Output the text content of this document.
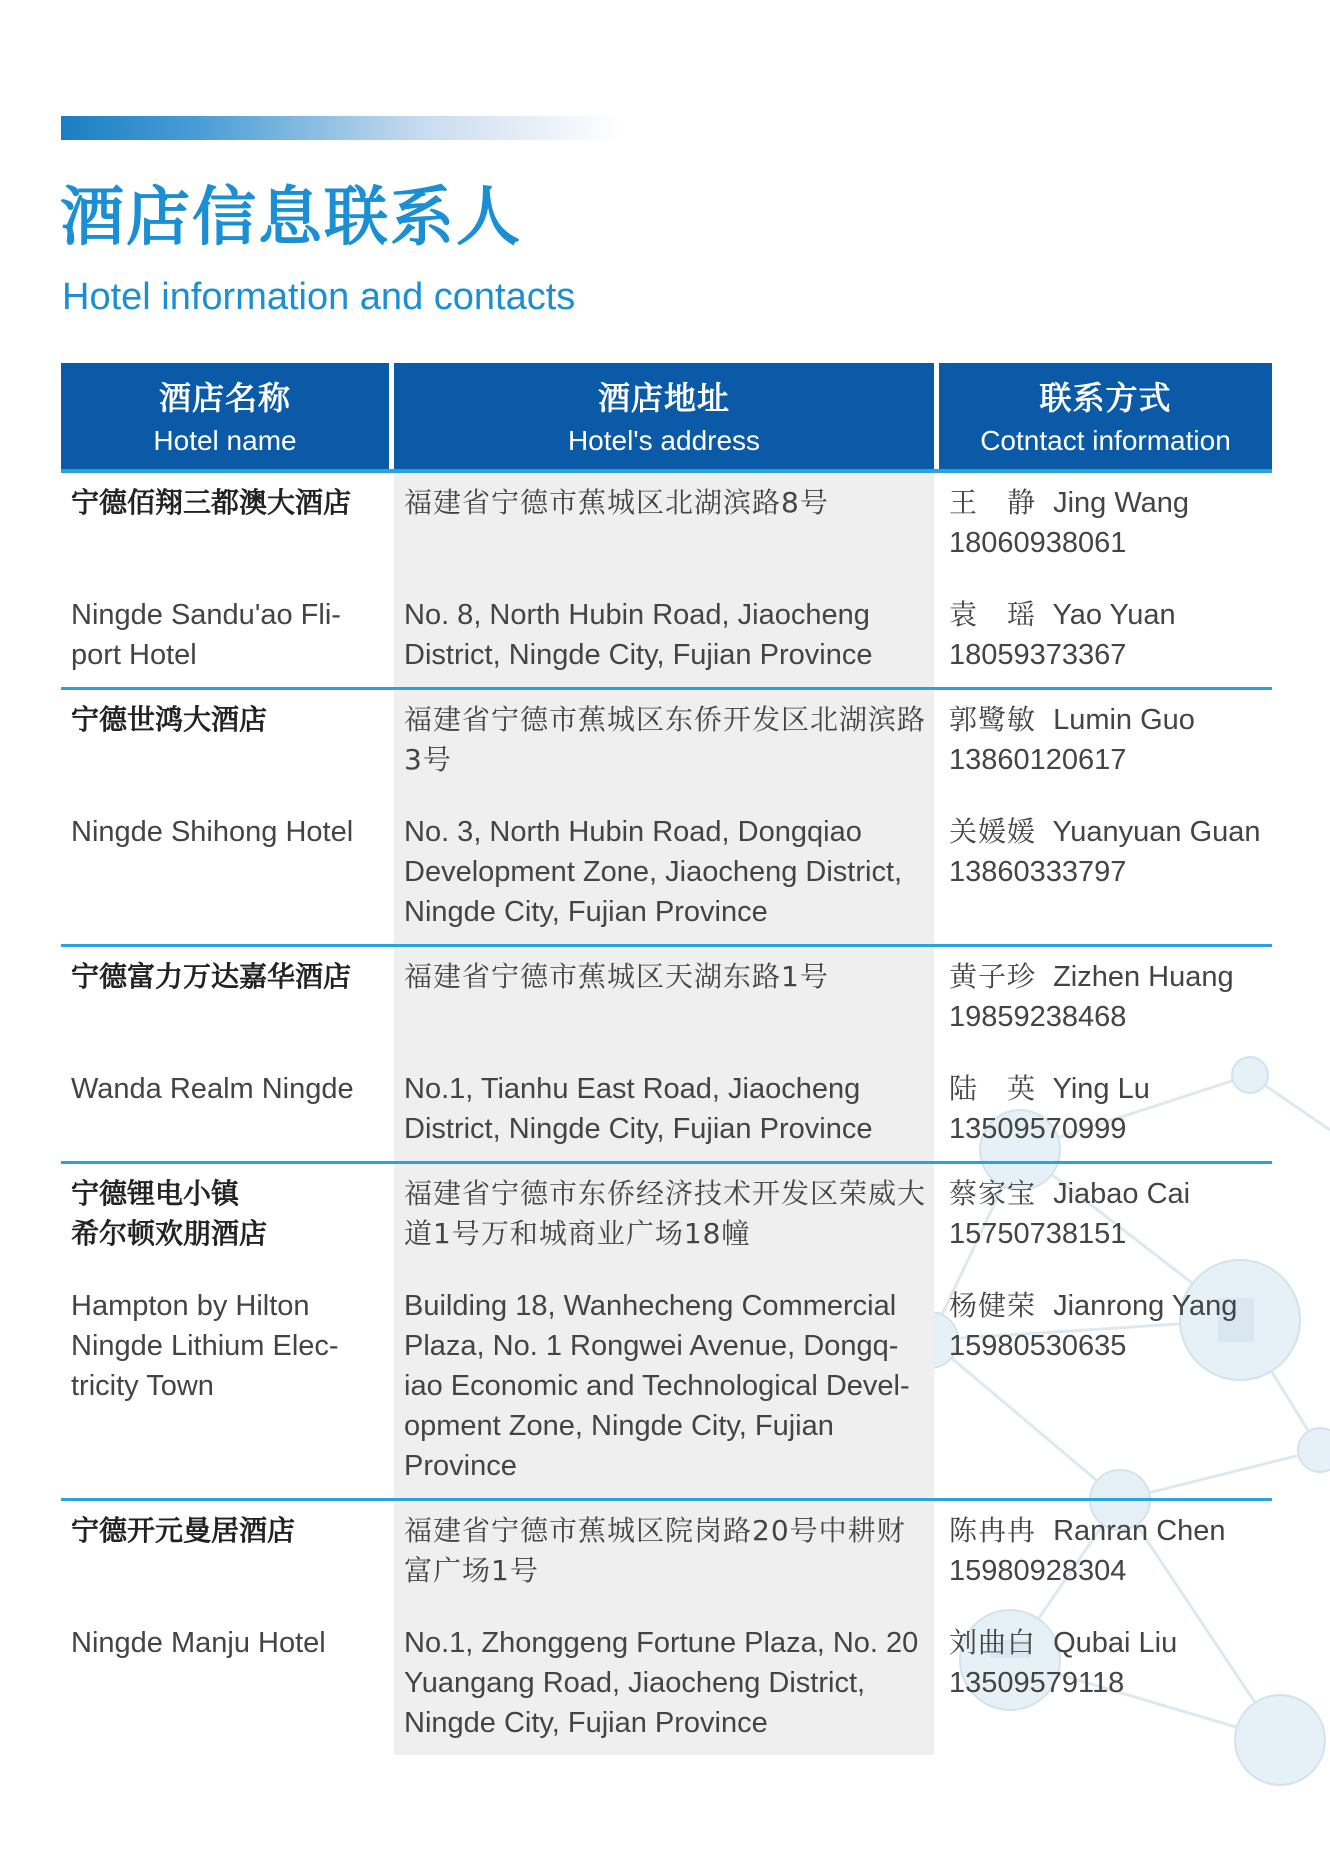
酒店信息联系人
Hotel information and contacts
酒店名称
Hotel name
酒店地址
Hotel's address
联系方式
Cotntact information
宁德佰翔三都澳大酒店
Ningde Sandu'ao Fli-port Hotel
福建省宁德市蕉城区北湖滨路8号
No. 8, North Hubin Road, Jiaocheng District, Ningde City, Fujian Province
王　静 Jing Wang
18060938061
袁　瑶 Yao Yuan
18059373367
宁德世鸿大酒店
Ningde Shihong Hotel
福建省宁德市蕉城区东侨开发区北湖滨路3号
No. 3, North Hubin Road, Dongqiao Development Zone, Jiaocheng District, Ningde City, Fujian Province
郭鹭敏 Lumin Guo
13860120617
关媛媛 Yuanyuan Guan
13860333797
宁德富力万达嘉华酒店
Wanda Realm Ningde
福建省宁德市蕉城区天湖东路1号
No.1, Tianhu East Road, Jiaocheng District, Ningde City, Fujian Province
黄子珍 Zizhen Huang
19859238468
陆　英 Ying Lu
13509570999
宁德锂电小镇
希尔顿欢朋酒店
Hampton by Hilton Ningde Lithium Elec-tricity Town
福建省宁德市东侨经济技术开发区荣威大道1号万和城商业广场18幢
Building 18, Wanhecheng Commercial Plaza, No. 1 Rongwei Avenue, Dongq-iao Economic and Technological Devel-opment Zone, Ningde City, Fujian Province
蔡家宝 Jiabao Cai
15750738151
杨健荣 Jianrong Yang
15980530635
宁德开元曼居酒店
Ningde Manju Hotel
福建省宁德市蕉城区院岗路20号中耕财富广场1号
No.1, Zhonggeng Fortune Plaza, No. 20 Yuangang Road, Jiaocheng District, Ningde City, Fujian Province
陈冉冉 Ranran Chen
15980928304
刘曲白 Qubai Liu
13509579118
